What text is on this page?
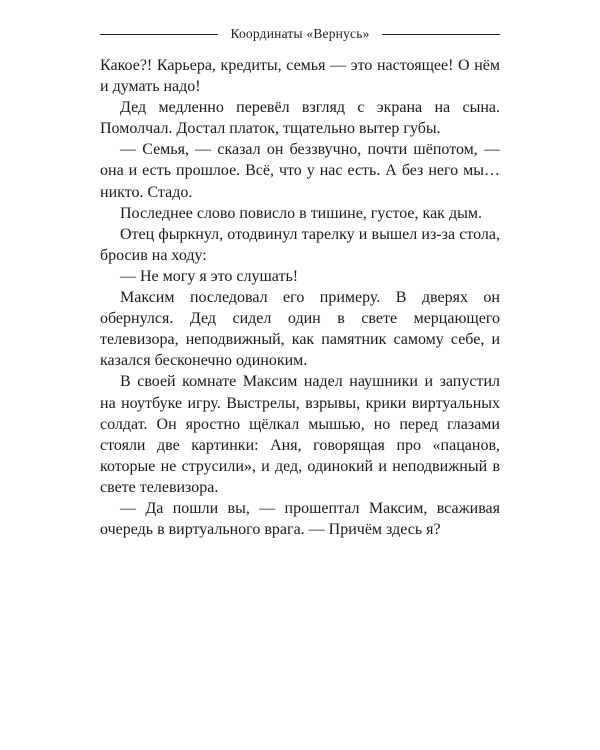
Координаты «Вернусь»

Какое?! Карьера, кредиты, семья — это настоящее! О нём и думать надо!

Дед медленно перевёл взгляд с экрана на сына. Помолчал. Достал платок, тщательно вытер губы.

— Семья, — сказал он беззвучно, почти шёпотом, — она и есть прошлое. Всё, что у нас есть. А без него мы… никто. Стадо.

Последнее слово повисло в тишине, густое, как дым.

Отец фыркнул, отодвинул тарелку и вышел из-за стола, бросив на ходу:

— Не могу я это слушать!

Максим последовал его примеру. В дверях он обернулся. Дед сидел один в свете мерцающего телевизора, неподвижный, как памятник самому себе, и казался бесконечно одиноким.

В своей комнате Максим надел наушники и запустил на ноутбуке игру. Выстрелы, взрывы, крики виртуальных солдат. Он яростно щёлкал мышью, но перед глазами стояли две картинки: Аня, говорящая про «пацанов, которые не струсили», и дед, одинокий и неподвижный в свете телевизора.

— Да пошли вы, — прошептал Максим, всаживая очередь в виртуального врага. — Причём здесь я?
